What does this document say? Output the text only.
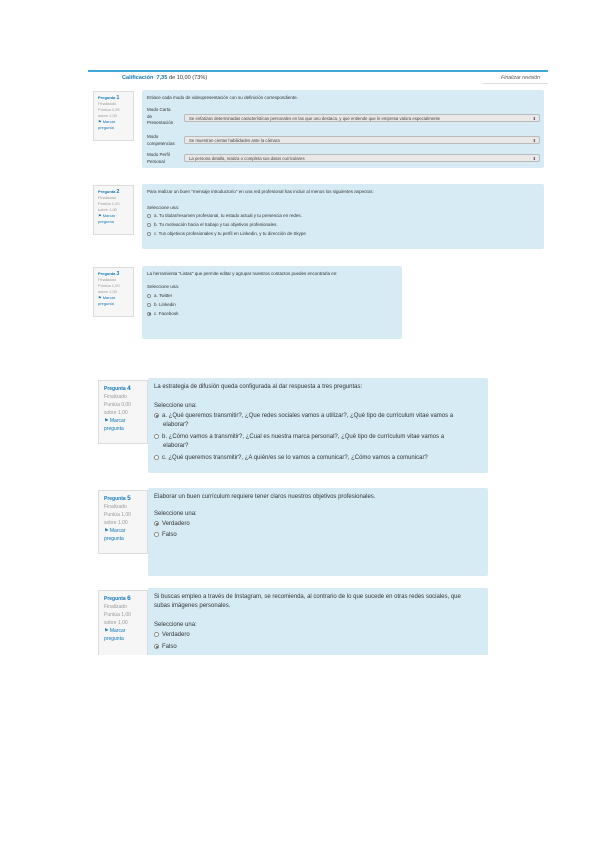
Calificación 7,35 de 10,00 (73%)	Finalizar revisión
Pregunta 1
Finalizado
Puntúa 0,35
sobre 1,00
⚑ Marcar
pregunta
Enlace cada modo de videopresentación con su definición correspondiente.
Modo Carta
de
Presentación
Se enfatizan determinadas características personales en las que uno destaca, y que entiende que le empresa valora especialmente	⬍
Modo
competencias	Se muestran ciertas habilidades ante la cámara	⬍
Modo Perfil
Personal	La persona detalla, matiza o completa sus datos curriculares	⬍
Pregunta 2
Finalizado
Puntúa 1,00
sobre 1,00
⚑ Marcar
pregunta
Para realizar un buen "mensaje introductorio" en una red profesional has incluir al menos los siguientes aspectos:
Seleccione una:
a. Tu titular/resumen profesional, tu estado actual y tu presencia en redes.
b. Tu motivación hacia el trabajo y tus objetivos profesionales.
c. Tus objetivos profesionales y tu perfil en Linkedin, y tu dirección de Skype
Pregunta 3
Finalizado
Puntúa 1,00
sobre 1,00
⚑ Marcar
pregunta
La herramienta "Listas" que permite editar y agrupar nuestros contactos puedes encontrarla en:
Seleccione una:
a. Twitter
b. Linkedin
c. Facebook
Pregunta 4
Finalizado
Puntúa 0,00
sobre 1,00
⚑ Marcar
pregunta
La estrategia de difusión queda configurada al dar respuesta a tres preguntas:
Seleccione una:
a. ¿Qué queremos transmitir?, ¿Que redes sociales vamos a utilizar?, ¿Qué tipo de currículum vitae vamos a
elaborar?
b. ¿Cómo vamos a transmitir?, ¿Cual es nuestra marca personal?, ¿Qué tipo de currículum vitae vamos a
elaborar?
c. ¿Qué queremos transmitir?, ¿A quién/es se lo vamos a comunicar?, ¿Cómo vamos a comunicar?
Pregunta 5
Finalizado
Puntúa 1,00
sobre 1,00
⚑ Marcar
pregunta
Elaborar un buen currículum requiere tener claros nuestros objetivos profesionales.
Seleccione una:
Verdadero
Falso
Pregunta 6
Finalizado
Puntúa 1,00
sobre 1,00
⚑ Marcar
pregunta
Si buscas empleo a través de Instagram, se recomienda, al contrario de lo que sucede en otras redes sociales, que
subas imágenes personales.
Seleccione una:
Verdadero
Falso
